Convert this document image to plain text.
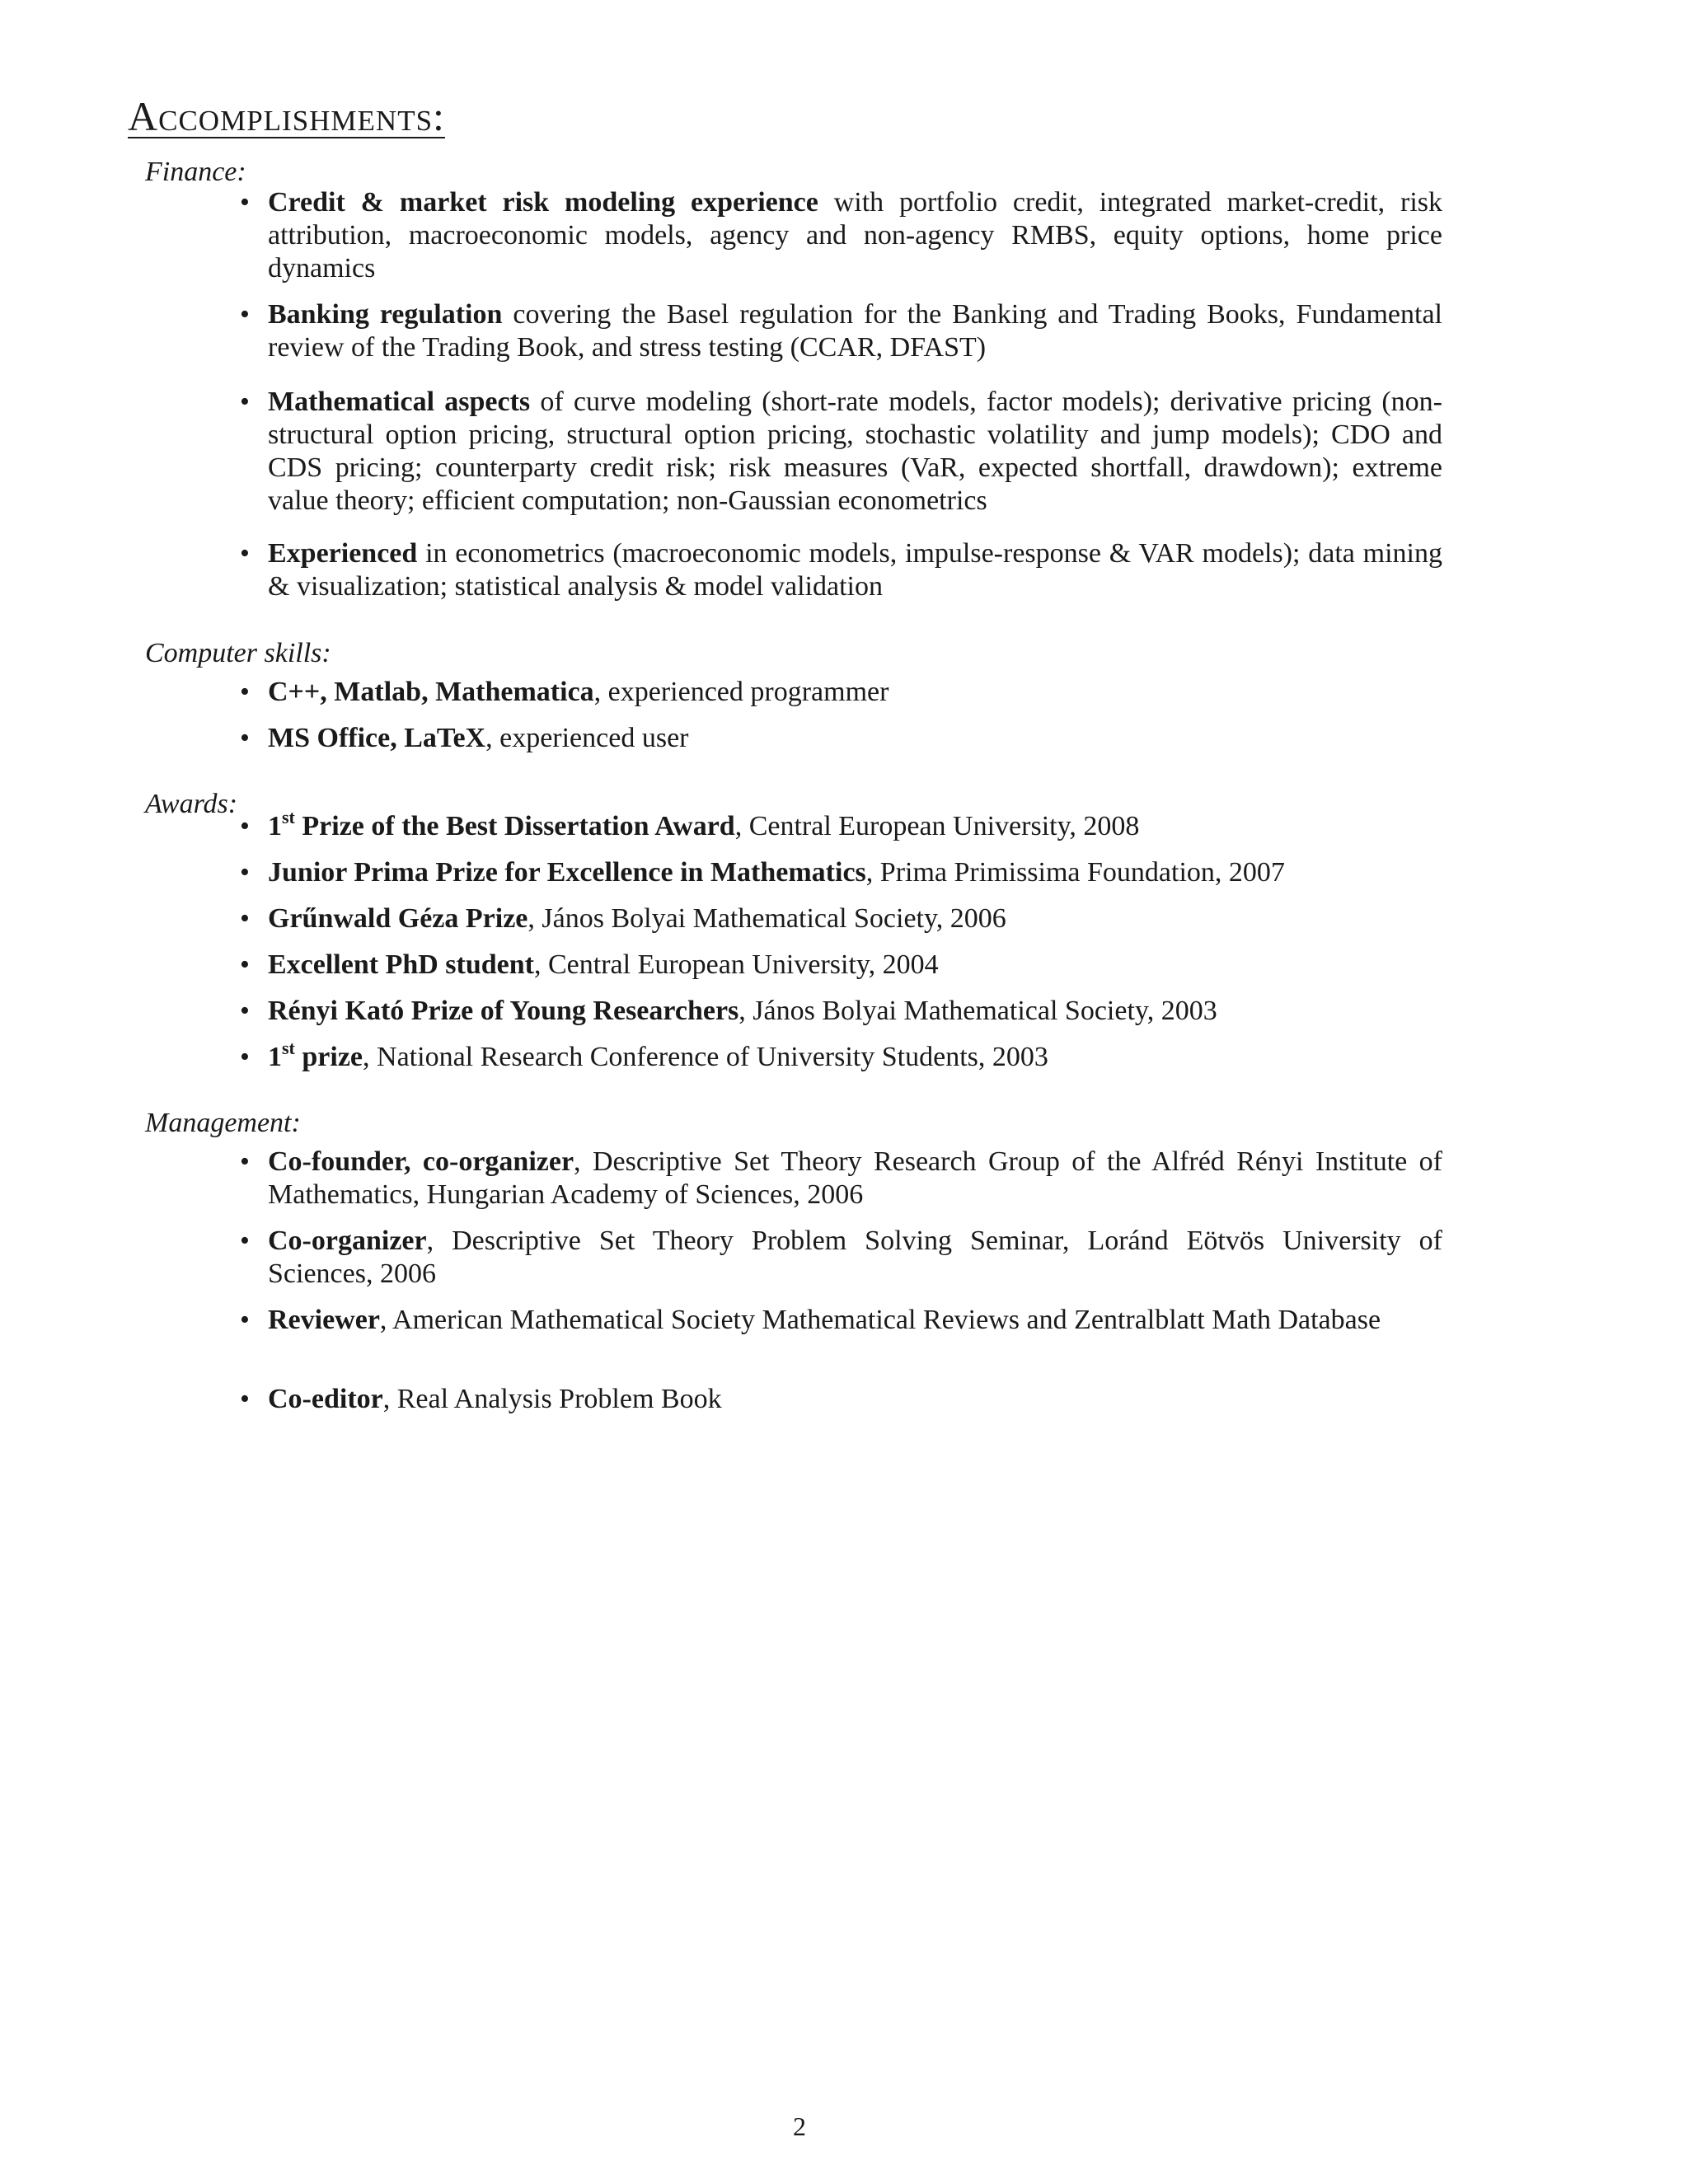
Accomplishments:
Finance:
• Credit & market risk modeling experience with portfolio credit, integrated market-credit, risk attribution, macroeconomic models, agency and non-agency RMBS, equity options, home price dynamics
• Banking regulation covering the Basel regulation for the Banking and Trading Books, Fundamental review of the Trading Book, and stress testing (CCAR, DFAST)
• Mathematical aspects of curve modeling (short-rate models, factor models); derivative pricing (non-structural option pricing, structural option pricing, stochastic volatility and jump models); CDO and CDS pricing; counterparty credit risk; risk measures (VaR, expected shortfall, drawdown); extreme value theory; efficient computation; non-Gaussian econometrics
• Experienced in econometrics (macroeconomic models, impulse-response & VAR models); data mining & visualization; statistical analysis & model validation
Computer skills:
• C++, Matlab, Mathematica, experienced programmer
• MS Office, LaTeX, experienced user
Awards:
• 1st Prize of the Best Dissertation Award, Central European University, 2008
• Junior Prima Prize for Excellence in Mathematics, Prima Primissima Foundation, 2007
• Grűnwald Géza Prize, János Bolyai Mathematical Society, 2006
• Excellent PhD student, Central European University, 2004
• Rényi Kató Prize of Young Researchers, János Bolyai Mathematical Society, 2003
• 1st prize, National Research Conference of University Students, 2003
Management:
• Co-founder, co-organizer, Descriptive Set Theory Research Group of the Alfréd Rényi Institute of Mathematics, Hungarian Academy of Sciences, 2006
• Co-organizer, Descriptive Set Theory Problem Solving Seminar, Loránd Eötvös University of Sciences, 2006
• Reviewer, American Mathematical Society Mathematical Reviews and Zentralblatt Math Database
• Co-editor, Real Analysis Problem Book
2
